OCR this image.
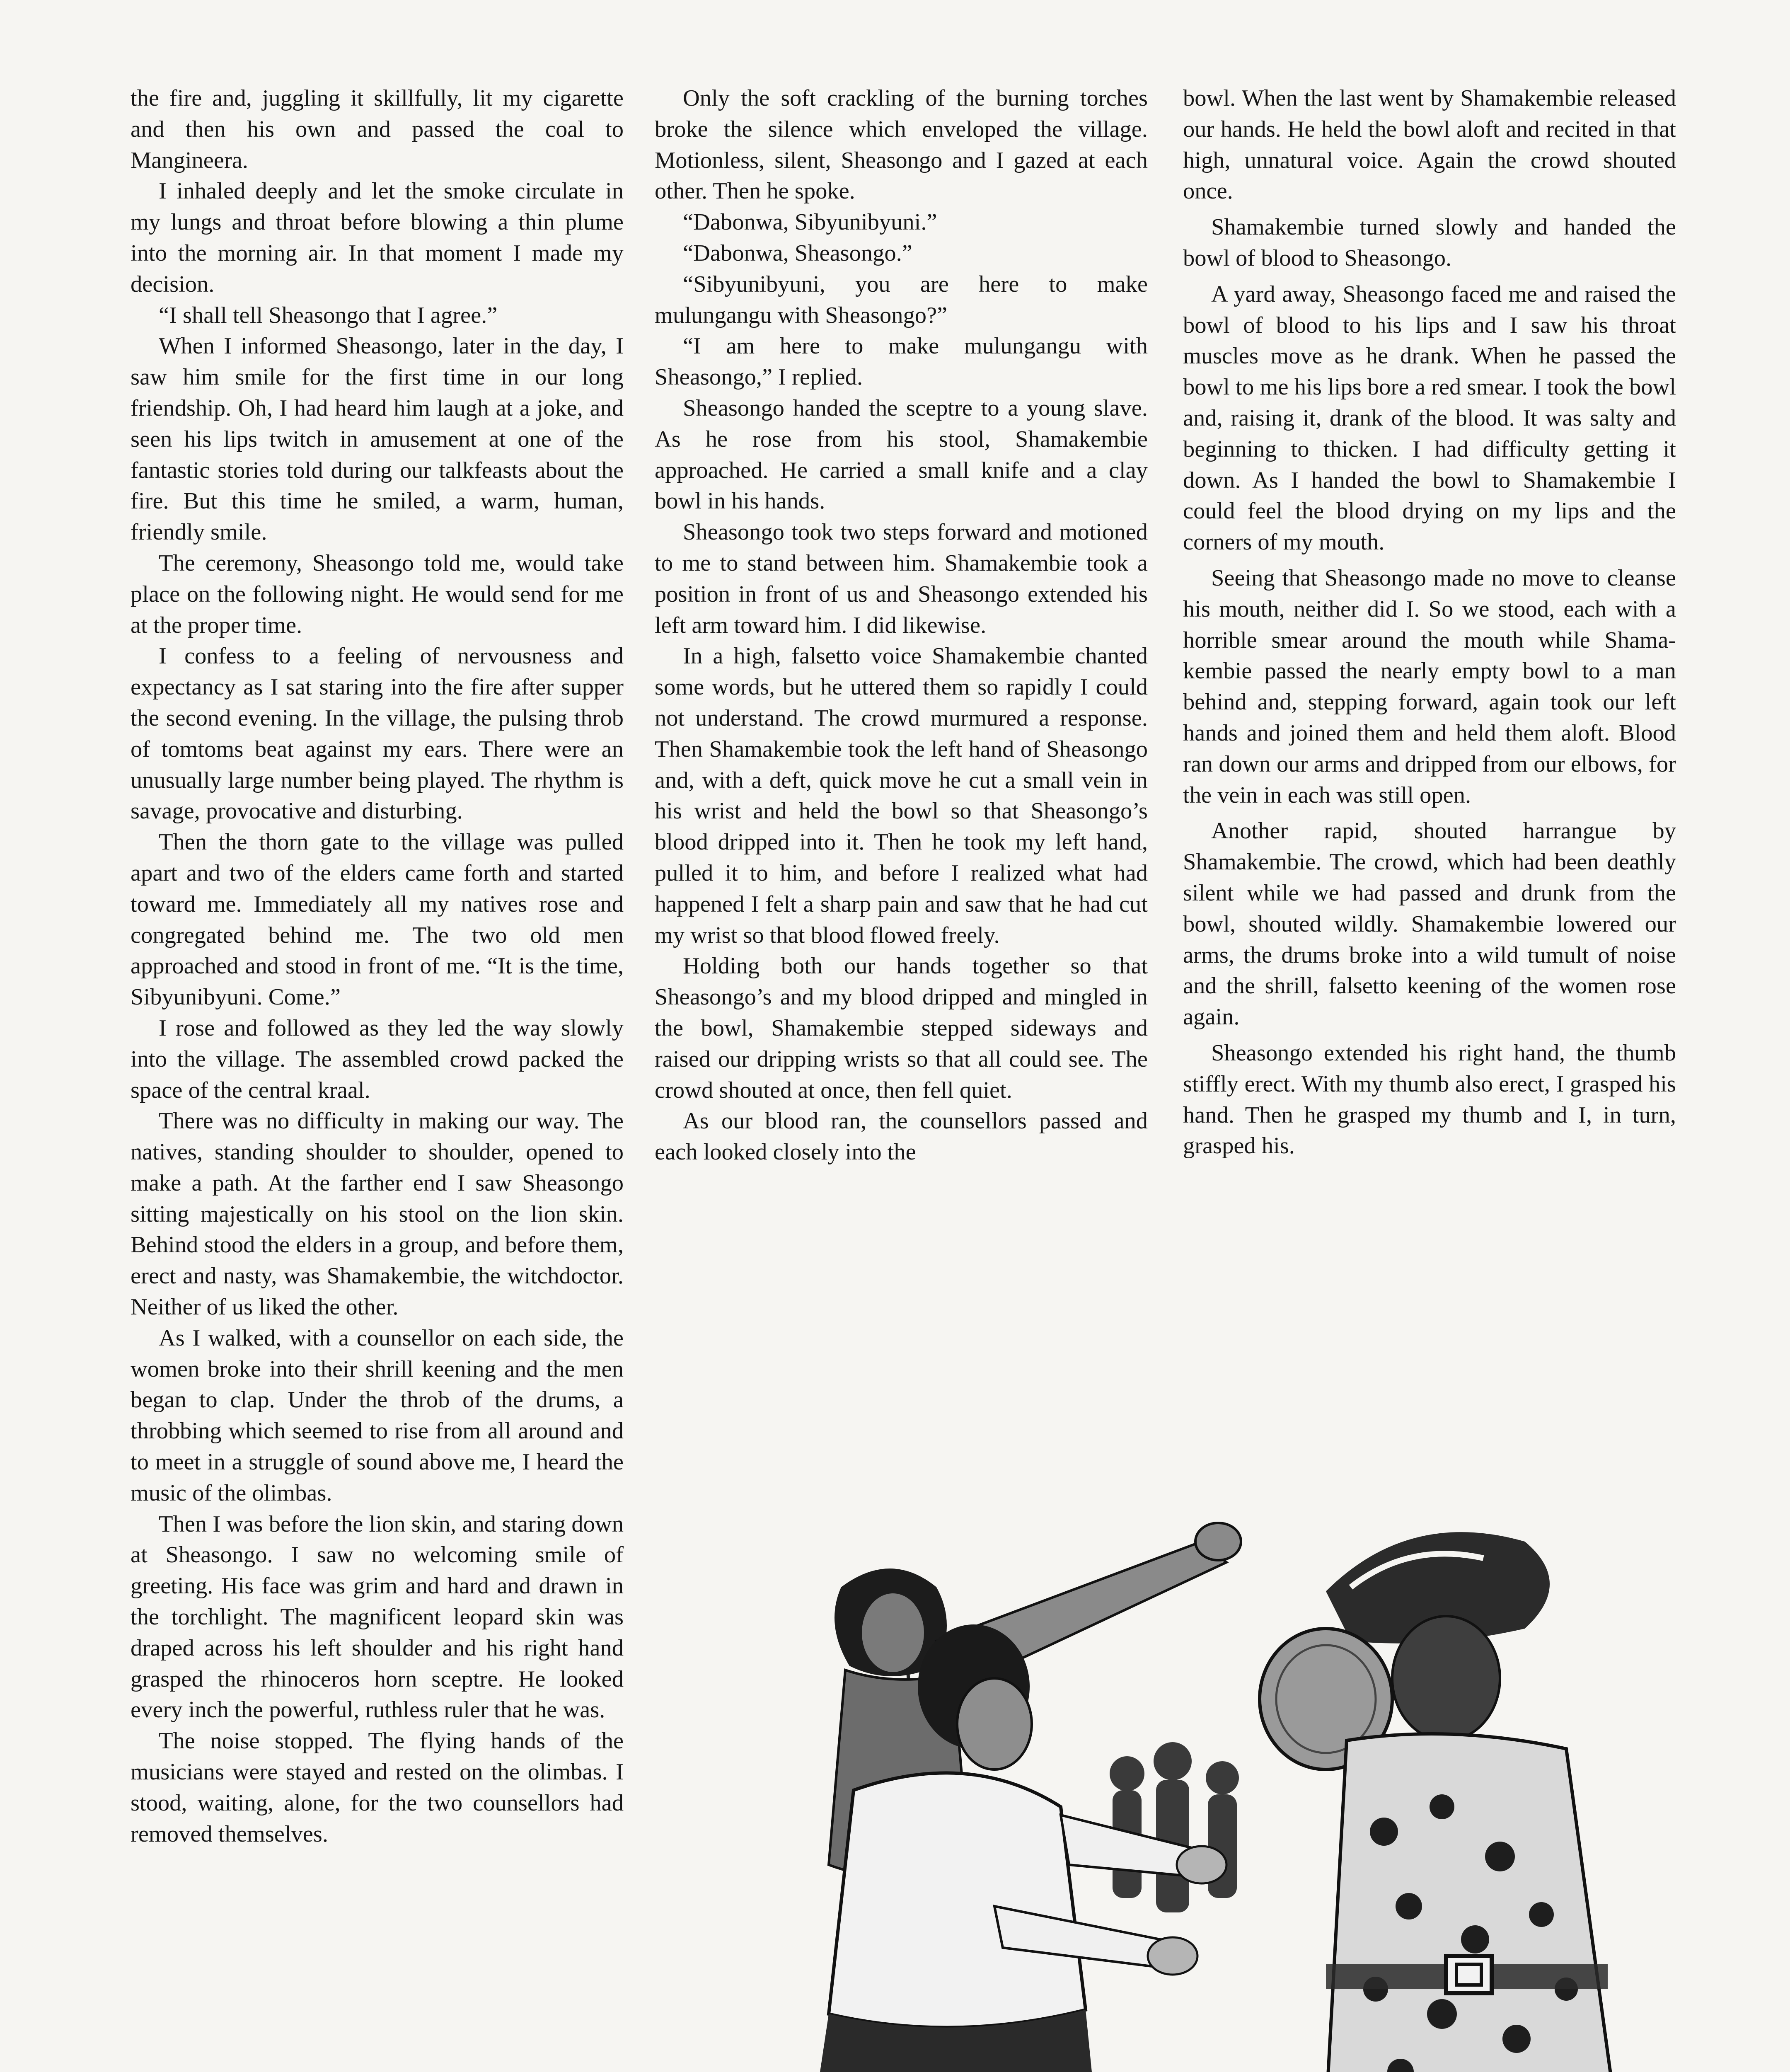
the fire and, juggling it skillfully, lit my cigarette and then his own and passed the coal to Mangineera.

I inhaled deeply and let the smoke circulate in my lungs and throat before blowing a thin plume into the morning air. In that moment I made my decision.

“I shall tell Sheasongo that I agree.”

When I informed Sheasongo, later in the day, I saw him smile for the first time in our long friendship. Oh, I had heard him laugh at a joke, and seen his lips twitch in amusement at one of the fantastic stories told during our talkfeasts about the fire. But this time he smiled, a warm, human, friendly smile.

The ceremony, Sheasongo told me, would take place on the following night. He would send for me at the proper time.

I confess to a feeling of nervousness and expectancy as I sat staring into the fire after supper the second evening. In the village, the pulsing throb of tomtoms beat against my ears. There were an unusually large number being played. The rhythm is savage, provocative and disturbing.

Then the thorn gate to the village was pulled apart and two of the elders came forth and started toward me. Immediately all my natives rose and congregated behind me. The two old men approached and stood in front of me. “It is the time, Sibyunibyuni. Come.”

I rose and followed as they led the way slowly into the village. The assembled crowd packed the space of the central kraal.

There was no difficulty in making our way. The natives, standing shoulder to shoulder, opened to make a path. At the farther end I saw Sheasongo sitting majestically on his stool on the lion skin. Behind stood the elders in a group, and before them, erect and nasty, was Shamakembie, the witchdoctor. Neither of us liked the other.

As I walked, with a counsellor on each side, the women broke into their shrill keening and the men began to clap. Under the throb of the drums, a throbbing which seemed to rise from all around and to meet in a struggle of sound above me, I heard the music of the olimbas.

Then I was before the lion skin, and staring down at Sheasongo. I saw no welcoming smile of greeting. His face was grim and hard and drawn in the torchlight. The magnificent leopard skin was draped across his left shoulder and his right hand grasped the rhinoceros horn sceptre. He looked every inch the powerful, ruthless ruler that he was.

The noise stopped. The flying hands of the musicians were stayed and rested on the olimbas. I stood, waiting, alone, for the two counsellors had removed themselves.

Only the soft crackling of the burning torches broke the silence which enveloped the village. Motionless, silent, Sheasongo and I gazed at each other. Then he spoke.

“Dabonwa, Sibyunibyuni.”

“Dabonwa, Sheasongo.”

“Sibyunibyuni, you are here to make mulungangu with Sheasongo?”

“I am here to make mulungangu with Sheasongo,” I replied.

Sheasongo handed the sceptre to a young slave. As he rose from his stool, Shamakembie approached. He carried a small knife and a clay bowl in his hands.

Sheasongo took two steps forward and motioned to me to stand between him. Shamakembie took a position in front of us and Sheasongo extended his left arm toward him. I did likewise.

In a high, falsetto voice Shamakembie chanted some words, but he uttered them so rapidly I could not understand. The crowd murmured a response. Then Shamakembie took the left hand of Sheasongo and, with a deft, quick move he cut a small vein in his wrist and held the bowl so that Sheasongo’s blood dripped into it. Then he took my left hand, pulled it to him, and before I realized what had happened I felt a sharp pain and saw that he had cut my wrist so that blood flowed freely.

Holding both our hands together so that Sheasongo’s and my blood dripped and mingled in the bowl, Shamakembie stepped sideways and raised our dripping wrists so that all could see. The crowd shouted at once, then fell quiet.

As our blood ran, the counsellors passed and each looked closely into the

bowl. When the last went by Shamakembie released our hands. He held the bowl aloft and recited in that high, unnatural voice. Again the crowd shouted once.

Shamakembie turned slowly and handed the bowl of blood to Sheasongo.

A yard away, Sheasongo faced me and raised the bowl of blood to his lips and I saw his throat muscles move as he drank. When he passed the bowl to me his lips bore a red smear. I took the bowl and, raising it, drank of the blood. It was salty and beginning to thicken. I had difficulty getting it down. As I handed the bowl to Shamakembie I could feel the blood drying on my lips and the corners of my mouth.

Seeing that Sheasongo made no move to cleanse his mouth, neither did I. So we stood, each with a horrible smear around the mouth while Shamakembie passed the nearly empty bowl to a man behind and, stepping forward, again took our left hands and joined them and held them aloft. Blood ran down our arms and dripped from our elbows, for the vein in each was still open.

Another rapid, shouted harrangue by Shamakembie. The crowd, which had been deathly silent while we had passed and drunk from the bowl, shouted wildly. Shamakembie lowered our arms, the drums broke into a wild tumult of noise and the shrill, falsetto keening of the women rose again.

Sheasongo extended his right hand, the thumb stiffly erect. With my thumb also erect, I grasped his hand. Then he grasped my thumb and I, in turn, grasped his.
